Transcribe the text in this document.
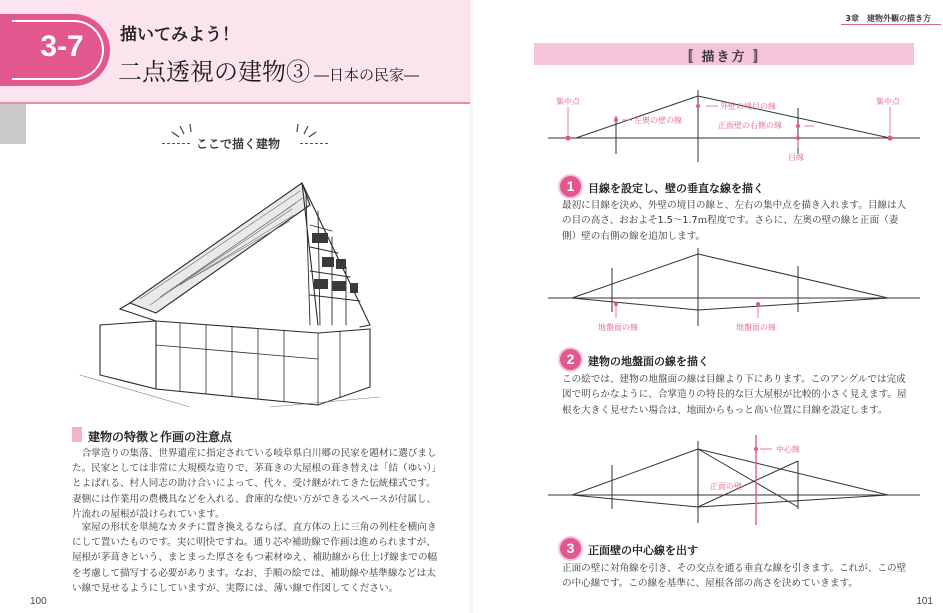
3-7	描いてみよう！
二点透視の建物③ ―日本の民家―
ここで描く建物
建物の特徴と作画の注意点

合掌造りの集落、世界遺産に指定されている岐阜県白川郷の民家を題材に選びました。民家としては非常に大規模な造りで、茅葺きの大屋根の葺き替えは「結（ゆい）」とよばれる、村人同志の助け合いによって、代々、受け継がれてきた伝統様式です。妻側には作業用の農機具などを入れる、倉庫的な使い方ができるスペースが付属し、片流れの屋根が設けられています。

家屋の形状を単純なカタチに置き換えるならば、直方体の上に三角の列柱を横向きにして置いたものです。実に明快ですね。通り芯や補助線で作画は進められますが、屋根が茅葺きという、まとまった厚さをもつ素材ゆえ、補助線から仕上げ線までの幅を考慮して描写する必要があります。なお、手順の絵では、補助線や基準線などは太い線で見せるようにしていますが、実際には、薄い線で作図してください。

100
3章　建物外観の描き方
〚 描き方 〛
集中点	集中点
外壁の境目の線
左奥の壁の線
正面壁の右側の線
目線
1	目線を設定し、壁の垂直な線を描く

最初に目線を決め、外壁の境目の線と、左右の集中点を描き入れます。目線は人の目の高さ、おおよそ1.5～1.7ｍ程度です。さらに、左奥の壁の線と正面（妻側）壁の右側の線を追加します。

地盤面の線	地盤面の線
2	建物の地盤面の線を描く

この絵では、建物の地盤面の線は目線より下にあります。このアングルでは完成図で明らかなように、合掌造りの特長的な巨大屋根が比較的小さく見えます。屋根を大きく見せたい場合は、地面からもっと高い位置に目線を設定します。

中心線
正面の壁
3	正面壁の中心線を出す

正面の壁に対角線を引き、その交点を通る垂直な線を引きます。これが、この壁の中心線です。この線を基準に、屋根各部の高さを決めていきます。

101
